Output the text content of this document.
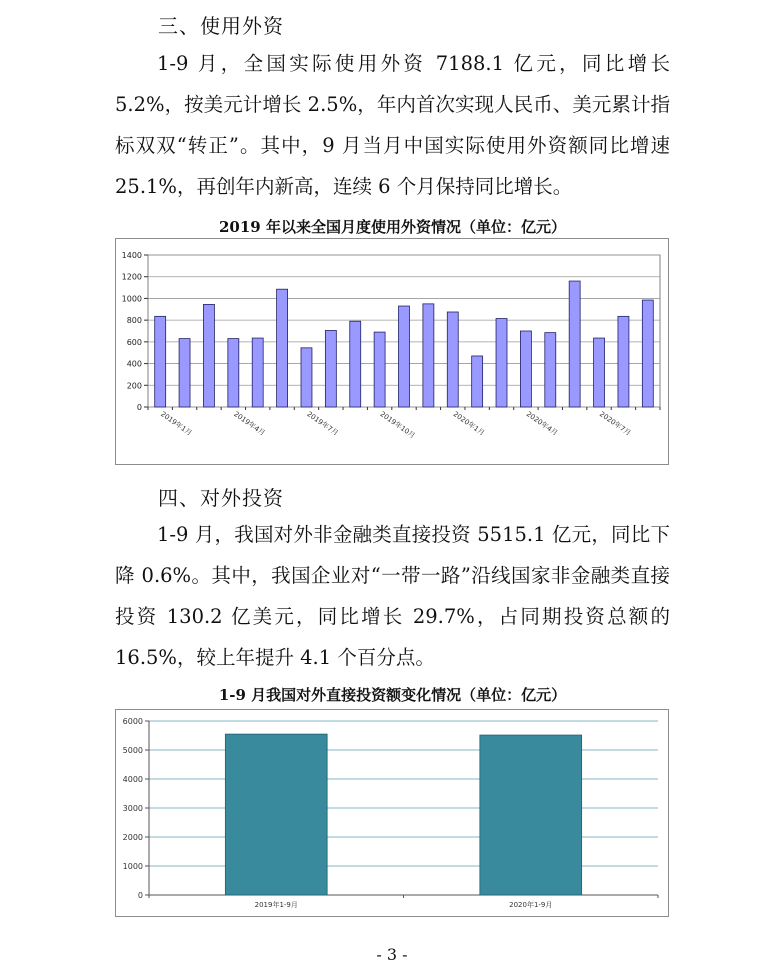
三、使用外资
1-9 月，全国实际使用外资 7188.1 亿元，同比增长 5.2%，按美元计增长 2.5%，年内首次实现人民币、美元累计指标双双“转正”。其中，9 月当月中国实际使用外资额同比增速 25.1%，再创年内新高，连续 6 个月保持同比增长。
2019 年以来全国月度使用外资情况（单位：亿元）
0
200
400
600
800
1000
1200
1400
2019年1月	2019年4月	2019年7月	2019年10月	2020年1月	2020年4月	2020年7月
四、对外投资
1-9 月，我国对外非金融类直接投资 5515.1 亿元，同比下降 0.6%。其中，我国企业对“一带一路”沿线国家非金融类直接投资 130.2 亿美元，同比增长 29.7%，占同期投资总额的 16.5%，较上年提升 4.1 个百分点。
1-9 月我国对外直接投资额变化情况（单位：亿元）
0
1000
2000
3000
4000
5000
6000
2019年1-9月	2020年1-9月
- 3 -
